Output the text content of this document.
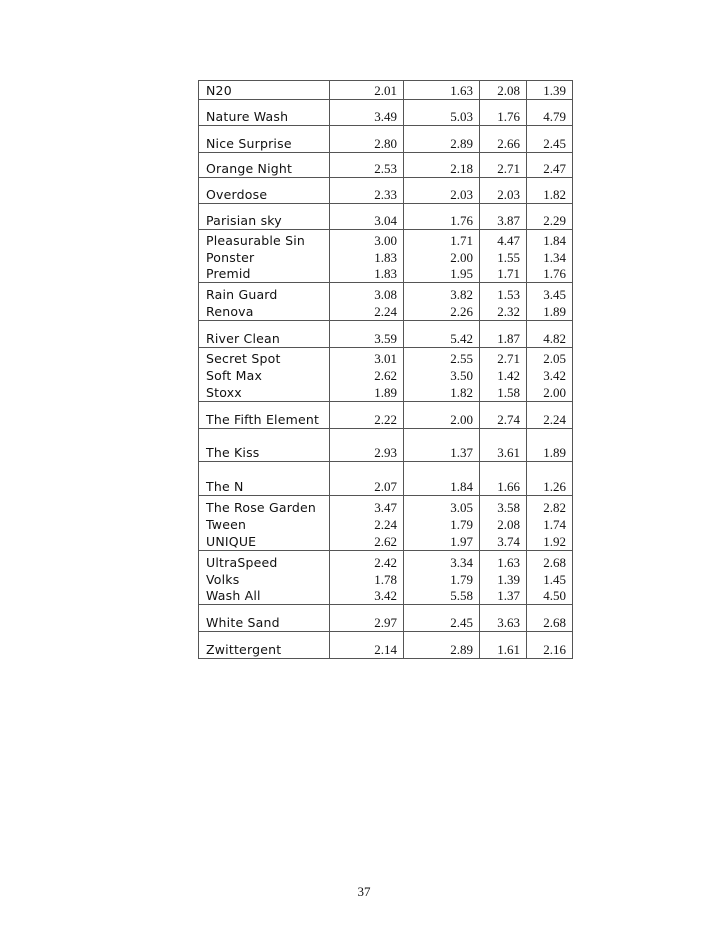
N20	2.01	1.63	2.08	1.39
Nature Wash	3.49	5.03	1.76	4.79
Nice Surprise	2.80	2.89	2.66	2.45
Orange Night	2.53	2.18	2.71	2.47
Overdose	2.33	2.03	2.03	1.82
Parisian sky	3.04	1.76	3.87	2.29
Pleasurable Sin	3.00	1.71	4.47	1.84
Ponster	1.83	2.00	1.55	1.34
Premid	1.83	1.95	1.71	1.76
Rain Guard	3.08	3.82	1.53	3.45
Renova	2.24	2.26	2.32	1.89
River Clean	3.59	5.42	1.87	4.82
Secret Spot	3.01	2.55	2.71	2.05
Soft Max	2.62	3.50	1.42	3.42
Stoxx	1.89	1.82	1.58	2.00
The Fifth Element	2.22	2.00	2.74	2.24
The Kiss	2.93	1.37	3.61	1.89
The N	2.07	1.84	1.66	1.26
The Rose Garden	3.47	3.05	3.58	2.82
Tween	2.24	1.79	2.08	1.74
UNIQUE	2.62	1.97	3.74	1.92
UltraSpeed	2.42	3.34	1.63	2.68
Volks	1.78	1.79	1.39	1.45
Wash All	3.42	5.58	1.37	4.50
White Sand	2.97	2.45	3.63	2.68
Zwittergent	2.14	2.89	1.61	2.16
37
